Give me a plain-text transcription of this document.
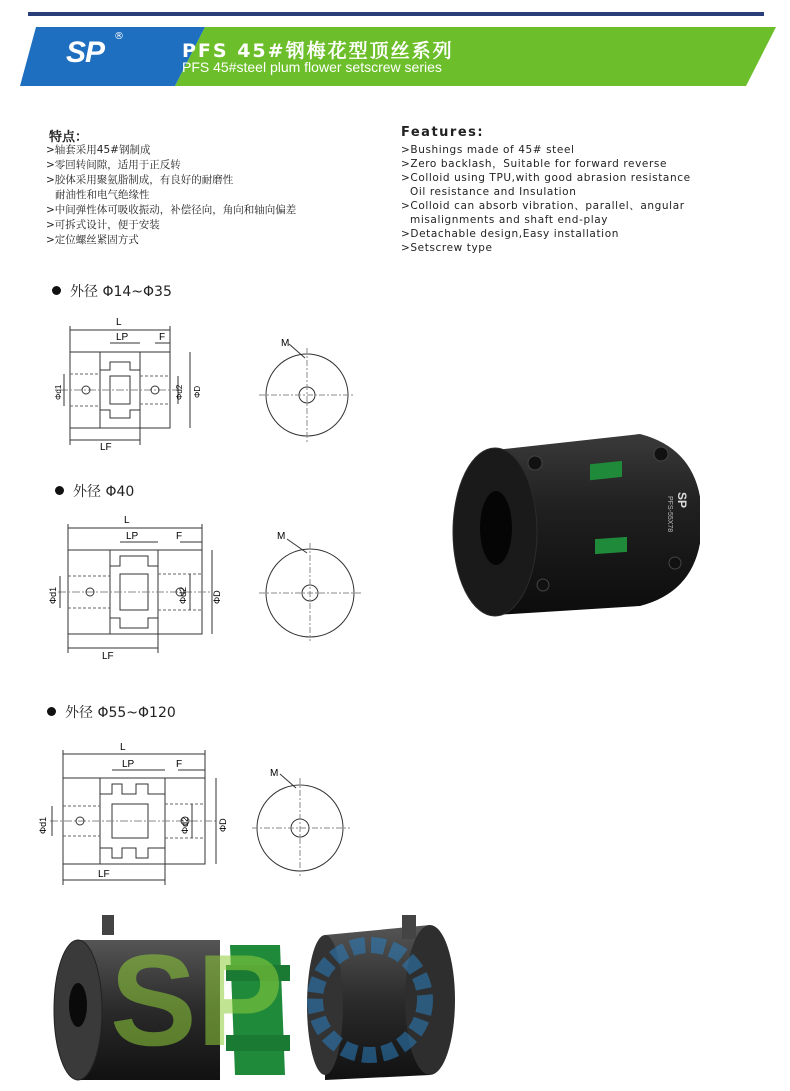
SP ®
PFS 45#钢梅花型顶丝系列
PFS 45#steel plum flower setscrew series
特点：
>轴套采用45#钢制成
>零回转间隙，适用于正反转
>胶体采用聚氨脂制成，有良好的耐磨性
耐油性和电气绝缘性
>中间弹性体可吸收振动，补偿径向，角向和轴向偏差
>可拆式设计，便于安装
>定位螺丝紧固方式
Features:
>Bushings made of 45# steel
>Zero backlash，Suitable for forward reverse
>Colloid using TPU,with good abrasion resistance
Oil resistance and Insulation
>Colloid can absorb vibration、parallel、angular
misalignments and shaft end-play
>Detachable design,Easy installation
>Setscrew type
外径 Φ14~Φ35
外径 Φ40
外径 Φ55~Φ120
L
LP	F
LF
Φd1	Φd2 ΦD
M
L
LP	F
LF
Φd1	Φd2	ΦD
M
L
LP	F
LF
Φd1	Φd2	ΦD
M
SP
PFS-55X78
SP
